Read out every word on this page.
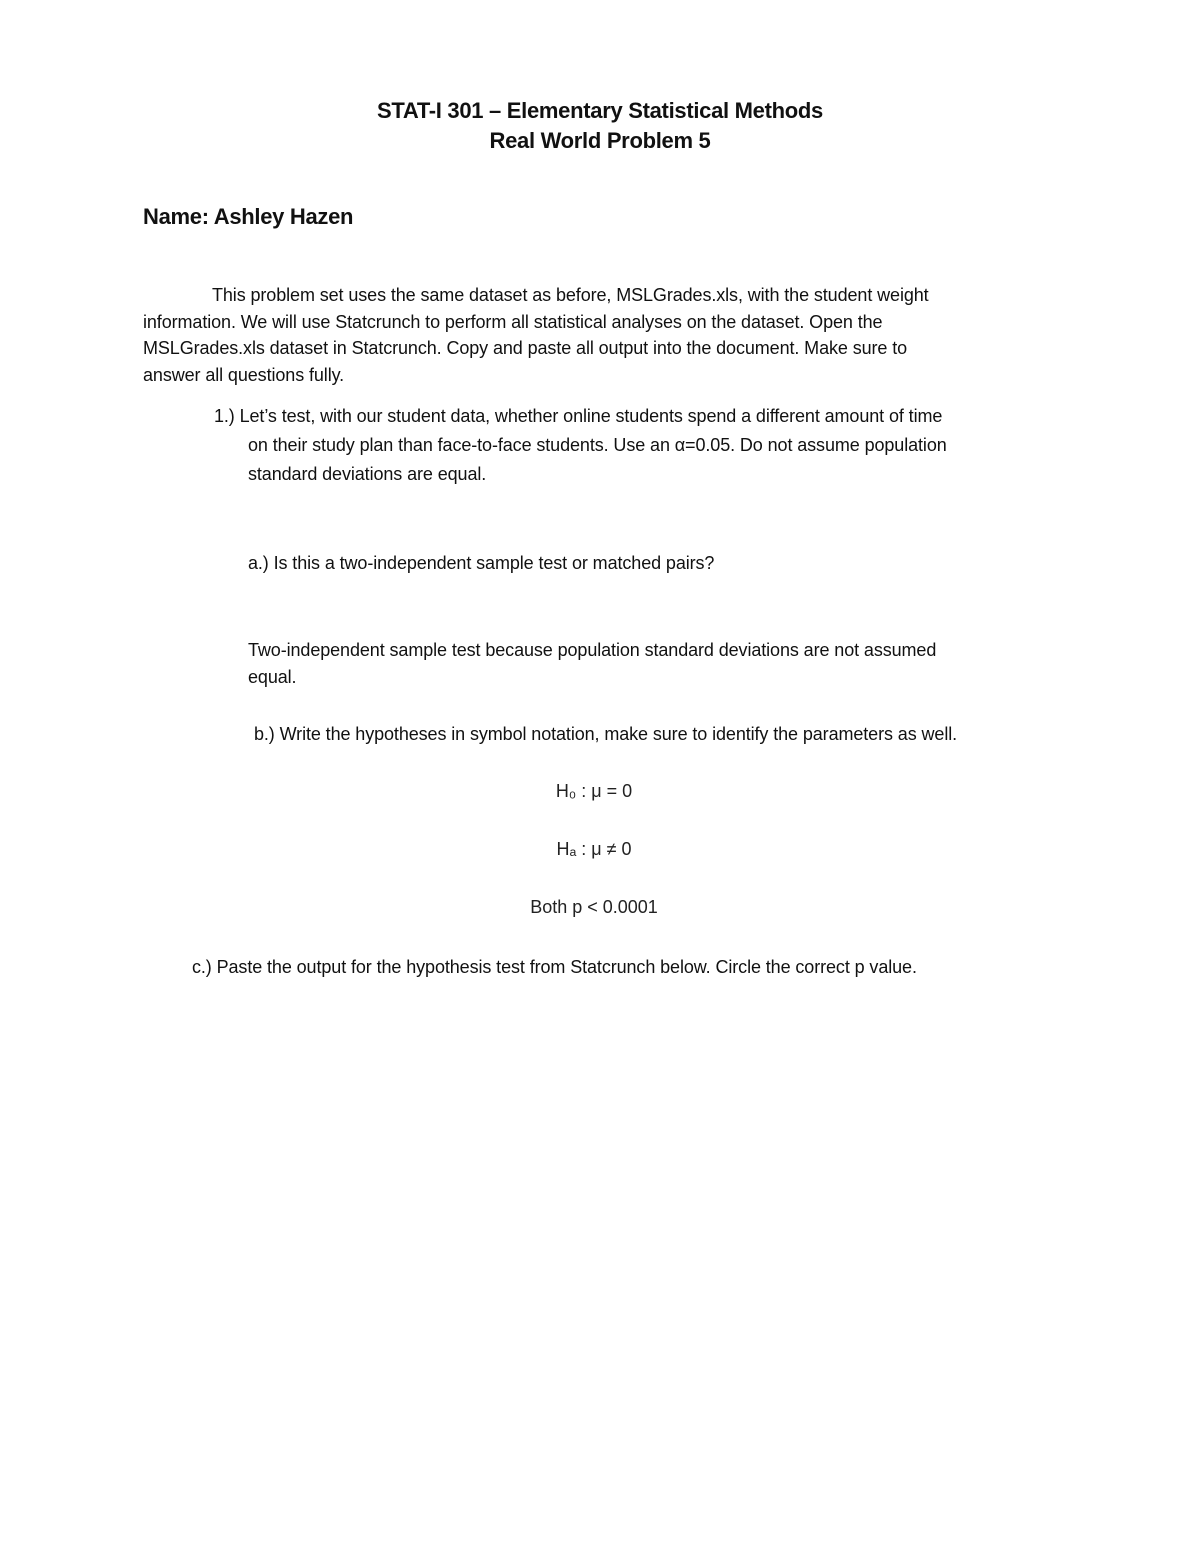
STAT-I 301 – Elementary Statistical Methods
Real World Problem 5
Name: Ashley Hazen
This problem set uses the same dataset as before, MSLGrades.xls, with the student weight
information. We will use Statcrunch to perform all statistical analyses on the dataset. Open the
MSLGrades.xls dataset in Statcrunch. Copy and paste all output into the document. Make sure to
answer all questions fully.
1.) Let’s test, with our student data, whether online students spend a different amount of time
on their study plan than face-to-face students. Use an α=0.05. Do not assume population
standard deviations are equal.
a.) Is this a two-independent sample test or matched pairs?
Two-independent sample test because population standard deviations are not assumed
equal.
b.) Write the hypotheses in symbol notation, make sure to identify the parameters as well.
H₀ : μ = 0
Hₐ : μ ≠ 0
Both p < 0.0001
c.) Paste the output for the hypothesis test from Statcrunch below. Circle the correct p value.
